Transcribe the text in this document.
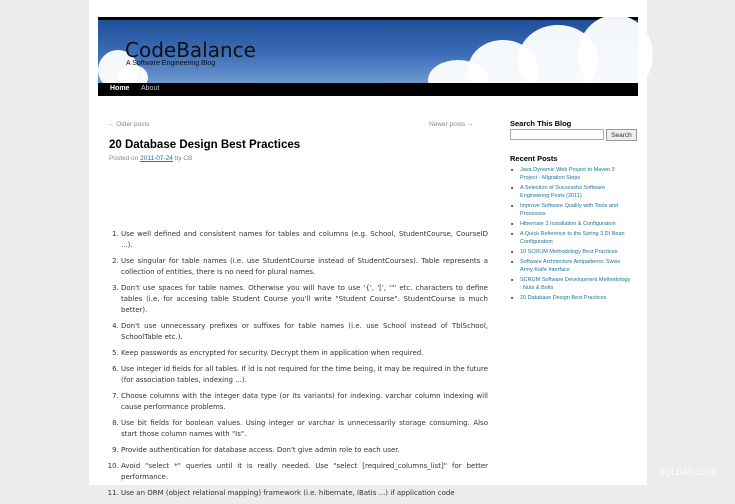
CodeBalance
A Software Engineering Blog
Home About
← Older posts	Newer posts →
20 Database Design Best Practices
Posted on 2011-07-24 by CB
1. Use well defined and consistent names for tables and columns (e.g. School, StudentCourse, CourseID ...).
2. Use singular for table names (i.e. use StudentCourse instead of StudentCourses). Table represents a collection of entities, there is no need for plural names.
3. Don't use spaces for table names. Otherwise you will have to use '{', '[', '"' etc. characters to define tables (i.e. for accesing table Student Course you'll write "Student Course". StudentCourse is much better).
4. Don't use unnecessary prefixes or suffixes for table names (i.e. use School instead of TblSchool, SchoolTable etc.).
5. Keep passwords as encrypted for security. Decrypt them in application when required.
6. Use integer id fields for all tables. If id is not required for the time being, it may be required in the future (for association tables, indexing ...).
7. Choose columns with the integer data type (or its variants) for indexing. varchar column indexing will cause performance problems.
8. Use bit fields for boolean values. Using integer or varchar is unnecessarily storage consuming. Also start those column names with "Is".
9. Provide authentication for database access. Don't give admin role to each user.
10. Avoid "select *" queries until it is really needed. Use "select [required_columns_list]" for better performance.
11. Use an ORM (object relational mapping) framework (i.e. hibernate, iBatis ...) if application code
Search This Blog
Search
Recent Posts
■ Java Dynamic Web Project to Maven 3 Project - Migration Steps
■ A Selection of Successful Software Engineering Posts (2011)
■ Improve Software Quality with Tools and Processes
■ Hibernate 3 Installation & Configuration
■ A Quick Reference to the Spring 3 DI Bean Configuration
■ 10 SCRUM Methodology Best Practices
■ Software Architecture Antipatterns: Swiss Army Knife Interface
■ SCRUM Software Development Methodology : Nuts & Bolts
■ 20 Database Design Best Practices
SQLDAT.COM
